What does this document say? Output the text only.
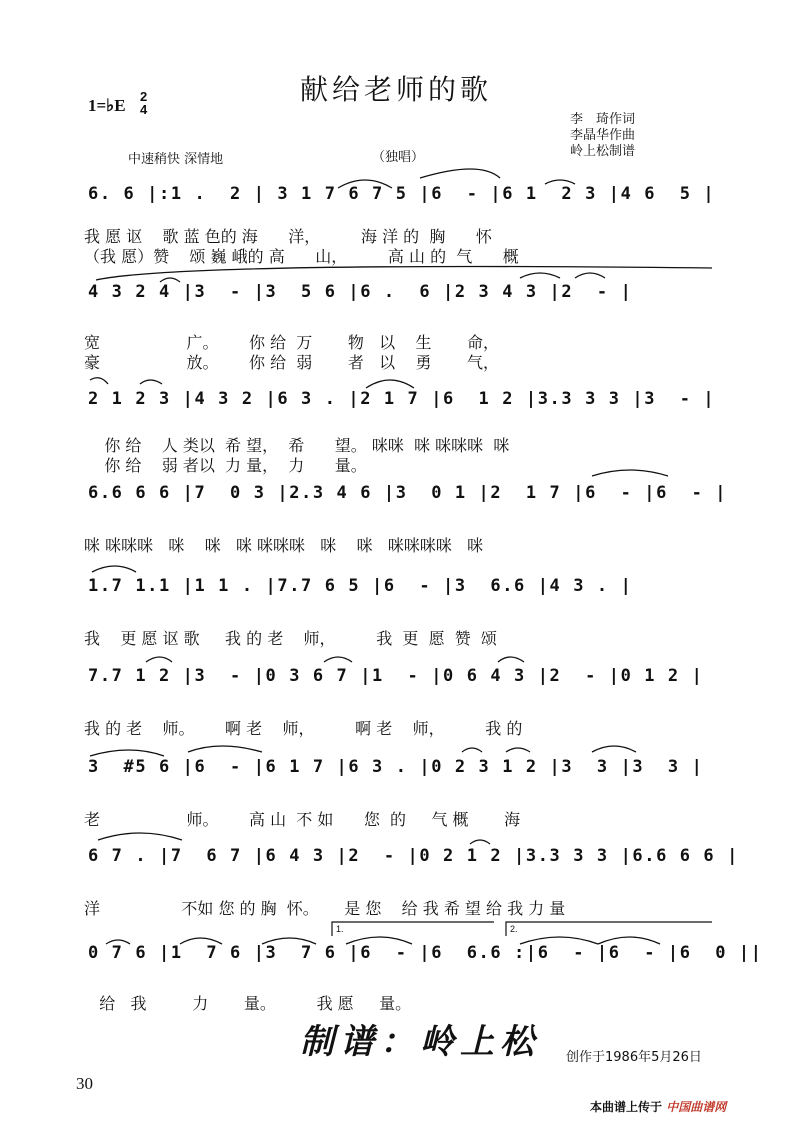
献给老师的歌
1=♭E 2
4
李　琦作词
李晶华作曲
岭上松制谱
中速稍快 深情地	（独唱）
6. 6 |:1 .  2 | 3 1 7 6 7 5 |6  - |6 1  2 3 |4 6  5 |
我 愿 讴    歌 蓝 色的 海      洋，        海 洋 的  胸      怀
（我 愿）赞    颂 巍 峨的 高      山，        高 山 的  气      概
4 3 2 4 |3  - |3  5 6 |6 .  6 |2 3 4 3 |2  - |
宽                 广。      你 给  万       物   以    生       命，
豪                 放。      你 给  弱       者   以    勇       气，
2 1 2 3 |4 3 2 |6 3 . |2 1 7 |6  1 2 |3.3 3 3 |3  - |
你 给    人 类以  希 望，  希      望。 咪咪  咪 咪咪咪  咪
你 给    弱 者以  力 量，  力      量。
6.6 6 6 |7  0 3 |2.3 4 6 |3  0 1 |2  1 7 |6  - |6  - |
咪 咪咪咪   咪    咪   咪 咪咪咪   咪    咪   咪咪咪咪   咪
1.7 1.1 |1 1 . |7.7 6 5 |6  - |3  6.6 |4 3 . |
我    更 愿 讴 歌     我 的 老    师，        我  更  愿  赞  颂
7.7 1 2 |3  - |0 3 6 7 |1  - |0 6 4 3 |2  - |0 1 2 |
我 的 老    师。      啊 老    师，        啊 老    师，        我 的
3  #5 6 |6  - |6 1 7 |6 3 . |0 2 3 1 2 |3  3 |3  3 |
老                 师。      高 山  不 如      您  的     气 概       海
6 7 . |7  6 7 |6 4 3 |2  - |0 2 1 2 |3.3 3 3 |6.6 6 6 |
洋                不如 您 的 胸  怀。     是 您    给 我 希 望 给 我 力 量
0 7 6 |1  7 6 |3  7 6 |6  - |6  6.6 :|6  - |6  - |6  0 ||
给   我         力       量。        我 愿     量。
1.	2.
制谱：岭上松 创作于1986年5月26日
30
本曲谱上传于 中国曲谱网
